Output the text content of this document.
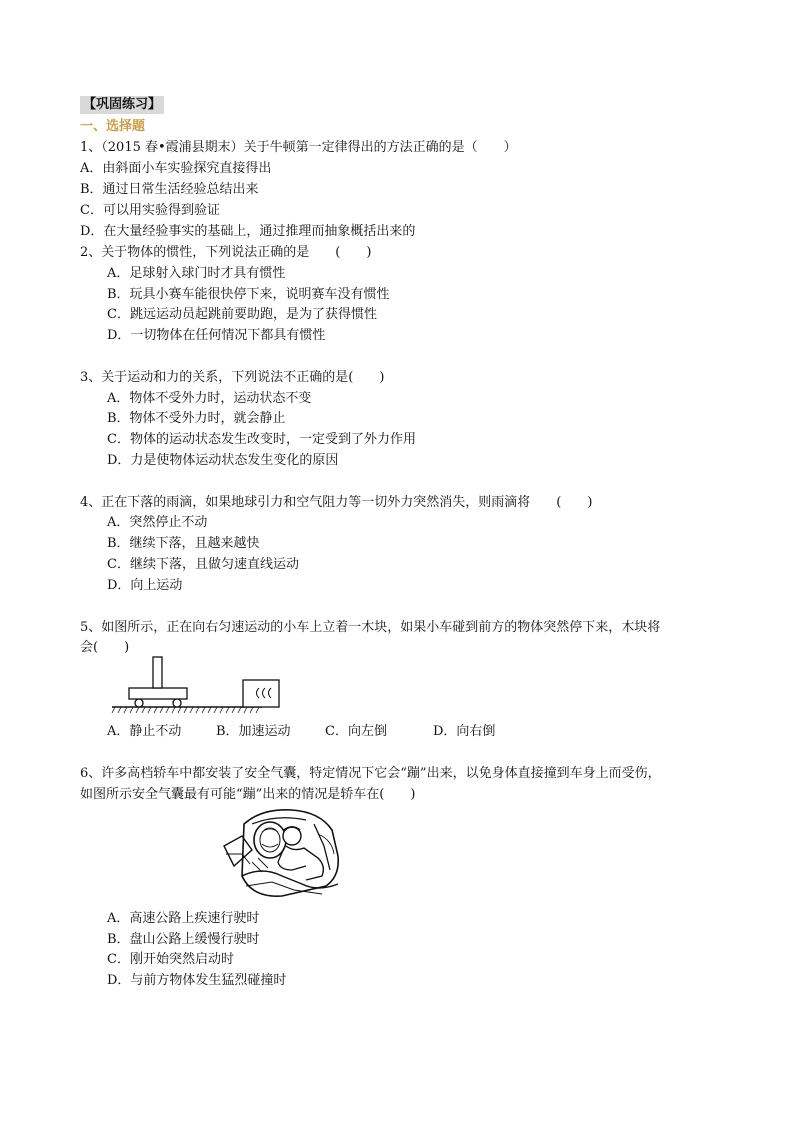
【巩固练习】
一、选择题
1、（2015 春•霞浦县期末）关于牛顿第一定律得出的方法正确的是（　　）
A．由斜面小车实验探究直接得出
B．通过日常生活经验总结出来
C．可以用实验得到验证
D．在大量经验事实的基础上，通过推理而抽象概括出来的
2、关于物体的惯性，下列说法正确的是　　(　　)
A．足球射入球门时才具有惯性
B．玩具小赛车能很快停下来，说明赛车没有惯性
C．跳远运动员起跳前要助跑，是为了获得惯性
D．一切物体在任何情况下都具有惯性
3、关于运动和力的关系，下列说法不正确的是(　　)
A．物体不受外力时，运动状态不变
B．物体不受外力时，就会静止
C．物体的运动状态发生改变时，一定受到了外力作用
D．力是使物体运动状态发生变化的原因
4、正在下落的雨滴，如果地球引力和空气阻力等一切外力突然消失，则雨滴将　　(　　)
A．突然停止不动
B．继续下落，且越来越快
C．继续下落，且做匀速直线运动
D．向上运动
5、如图所示，正在向右匀速运动的小车上立着一木块，如果小车碰到前方的物体突然停下来，木块将
会(　　)
A．静止不动	B．加速运动	C．向左倒	D．向右倒
6、许多高档轿车中都安装了安全气囊，特定情况下它会“蹦”出来，以免身体直接撞到车身上而受伤，
如图所示安全气囊最有可能“蹦”出来的情况是轿车在(　　)
A．高速公路上疾速行驶时
B．盘山公路上缓慢行驶时
C．刚开始突然启动时
D．与前方物体发生猛烈碰撞时
